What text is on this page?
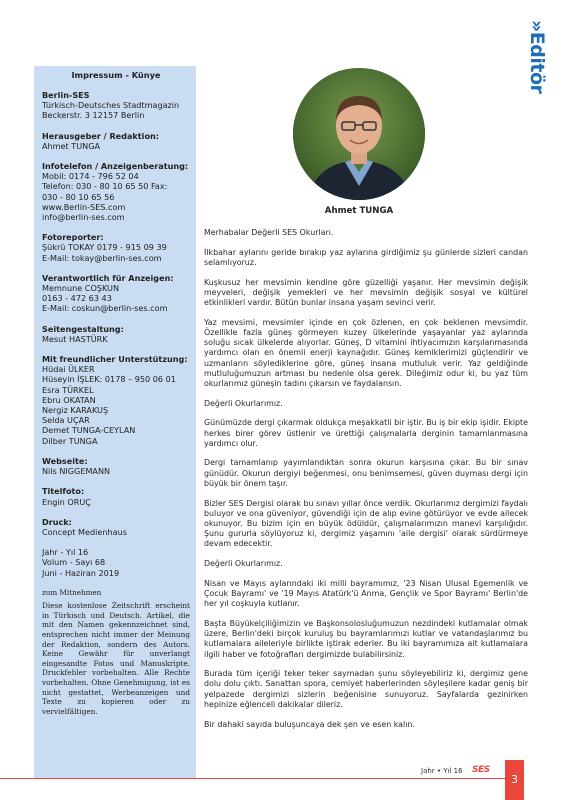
»Editör
Impressum - Künye
Berlin-SES
Türkisch-Deutsches Stadtmagazin
Beckerstr. 3 12157 Berlin
Herausgeber / Redaktion:
Ahmet TUNGA
Infotelefon / Anzeigenberatung:
Mobil: 0174 - 796 52 04
Telefon: 030 - 80 10 65 50 Fax:
030 - 80 10 65 56
www.Berlin-SES.com
info@berlin-ses.com
Fotoreporter:
Şükrü TOKAY 0179 - 915 09 39
E-Mail: tokay@berlin-ses.com
Verantwortlich für Anzeigen:
Memnune COŞKUN
0163 - 472 63 43
E-Mail: coskun@berlin-ses.com
Seitengestaltung:
Mesut HASTÜRK
Mit freundlicher Unterstützung:
Hüdai ÜLKER
Hüseyin İŞLEK: 0178 – 950 06 01
Esra TÜRKEL
Ebru OKATAN
Nergiz KARAKUŞ
Selda UÇAR
Demet TUNGA-CEYLAN
Dilber TUNGA
Webseite:
Nils NIGGEMANN
Titelfoto:
Engin ORUÇ
Druck:
Concept Medienhaus
Jahr - Yıl 16
Volum - Sayı 68
Juni - Haziran 2019
zum Mitnehmen
Diese kostenlose Zeitschrift erscheint in Türkisch und Deutsch. Artikel, die mit den Namen gekennzeichnet sind, entsprechen nicht immer der Meinung der Redaktion, sondern des Autors. Keine Gewähr für unverlangt eingesandte Fotos und Manuskripte. Druckfehler vorbehalten. Alle Rechte vorbehalten. Ohne Genehmigung, ist es nicht gestattet, Werbeanzeigen und Texte zu kopieren oder zu vervielfältigen.
Ahmet TUNGA

Merhabalar Değerli SES Okurları.

İlkbahar aylarını geride bırakıp yaz aylarına girdiğimiz şu günlerde sizleri candan selamlıyoruz.

Kuşkusuz her mevsimin kendine göre güzelliği yaşanır. Her mevsimin değişik meyveleri, değişik yemekleri ve her mevsimin değişik sosyal ve kültürel etkinlikleri vardır. Bütün bunlar insana yaşam sevinci verir.

Yaz mevsimi, mevsimler içinde en çok özlenen, en çok beklenen mevsimdir. Özellikle fazla güneş görmeyen kuzey ülkelerinde yaşayanlar yaz aylarında soluğu sıcak ülkelerde alıyorlar. Güneş, D vitamini ihtiyacımızın karşılanmasında yardımcı olan en önemli enerji kaynağıdır. Güneş kemiklerimizi güçlendirir ve uzmanların söylediklerine göre, güneş insana mutluluk verir. Yaz geldiğinde mutluluğumuzun artması bu nedenle olsa gerek. Dileğimiz odur ki, bu yaz tüm okurlarımız güneşin tadını çıkarsın ve faydalansın.

Değerli Okurlarımız.

Günümüzde dergi çıkarmak oldukça meşakkatli bir iştir. Bu iş bir ekip işidir. Ekipte herkes birer görev üstlenir ve ürettiği çalışmalarla derginin tamamlanmasına yardımcı olur.

Dergi tamamlanıp yayımlandıktan sonra okurun karşısına çıkar. Bu bir sınav günüdür. Okurun dergiyi beğenmesi, onu benimsemesi, güven duyması dergi için büyük bir önem taşır.

Bizler SES Dergisi olarak bu sınavı yıllar önce verdik. Okurlarımız dergimizi faydalı buluyor ve ona güveniyor, güvendiği için de alıp evine götürüyor ve evde ailecek okunuyor. Bu bizim için en büyük ödüldür, çalışmalarımızın manevi karşılığıdır. Şunu gururla söylüyoruz ki, dergimiz yaşamını 'aile dergisi' olarak sürdürmeye devam edecektir.

Değerli Okurlarımız.

Nisan ve Mayıs aylarındaki iki milli bayramımız, '23 Nisan Ulusal Egemenlik ve Çocuk Bayramı' ve '19 Mayıs Atatürk'ü Anma, Gençlik ve Spor Bayramı' Berlin'de her yıl coşkuyla kutlanır.

Başta Büyükelçiliğimizin ve Başkonsolosluğumuzun nezdindeki kutlamalar olmak üzere, Berlin'deki birçok kuruluş bu bayramlarımızı kutlar ve vatandaşlarımız bu kutlamalara aileleriyle birlikte iştirak ederler. Bu iki bayramımıza ait kutlamalara ilgili haber ve fotoğrafları dergimizde bulabilirsiniz.

Burada tüm içeriği teker teker saymadan şunu söyleyebiliriz ki, dergimiz gene dolu dolu çıktı. Sanattan spora, cemiyet haberlerinden söyleşilere kadar geniş bir yelpazede dergimizi sizlerin beğenisine sunuyoruz. Sayfalarda gezinirken hepinize eğlenceli dakikalar dileriz.

Bir dahaki sayıda buluşuncaya dek şen ve esen kalın.

Jahr • Yıl 16 SES
3
